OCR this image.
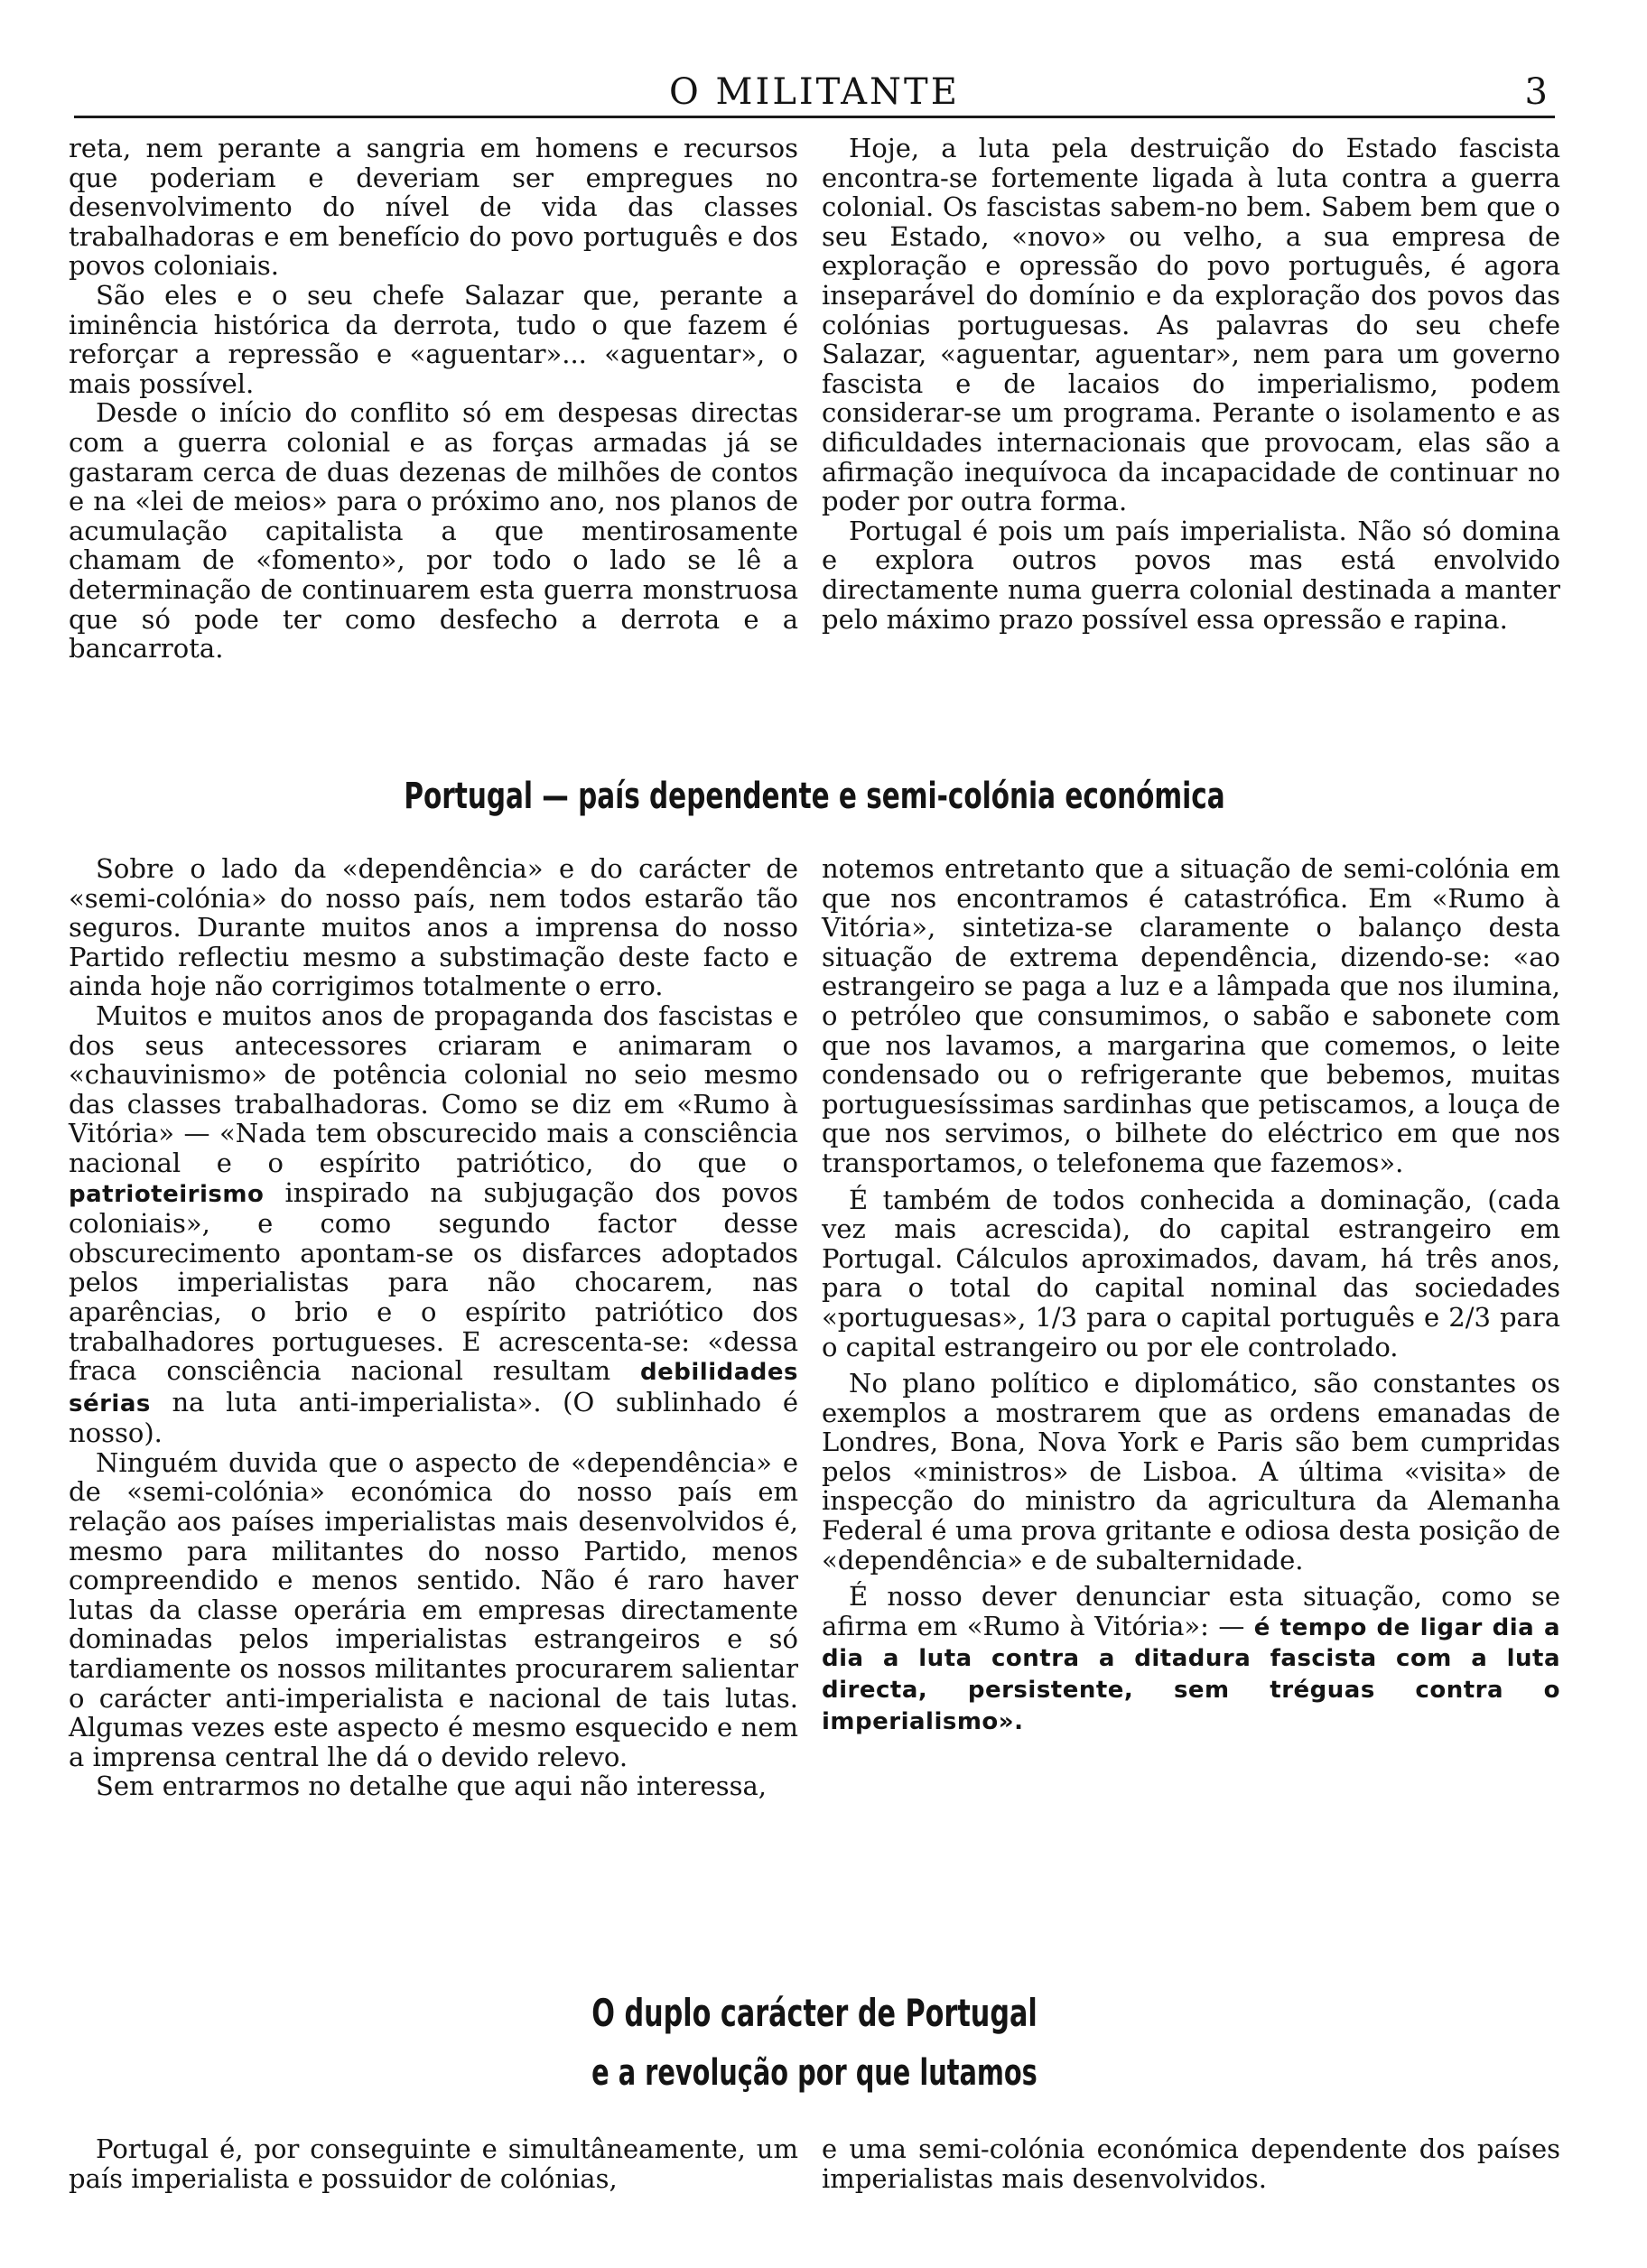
O MILITANTE	3

reta, nem perante a sangria em homens e recursos que poderiam e deveriam ser empregues no desenvolvimento do nível de vida das classes trabalhadoras e em benefício do povo português e dos povos coloniais.

São eles e o seu chefe Salazar que, perante a iminência histórica da derrota, tudo o que fazem é reforçar a repressão e «aguentar»... «aguentar», o mais possível.

Desde o início do conflito só em despesas directas com a guerra colonial e as forças armadas já se gastaram cerca de duas dezenas de milhões de contos e na «lei de meios» para o próximo ano, nos planos de acumulação capitalista a que mentirosamente chamam de «fomento», por todo o lado se lê a determinação de continuarem esta guerra monstruosa que só pode ter como desfecho a derrota e a bancarrota.

Hoje, a luta pela destruição do Estado fascista encontra-se fortemente ligada à luta contra a guerra colonial. Os fascistas sabem-no bem. Sabem bem que o seu Estado, «novo» ou velho, a sua empresa de exploração e opressão do povo português, é agora inseparável do domínio e da exploração dos povos das colónias portuguesas. As palavras do seu chefe Salazar, «aguentar, aguentar», nem para um governo fascista e de lacaios do imperialismo, podem considerar-se um programa. Perante o isolamento e as dificuldades internacionais que provocam, elas são a afirmação inequívoca da incapacidade de continuar no poder por outra forma.

Portugal é pois um país imperialista. Não só domina e explora outros povos mas está envolvido directamente numa guerra colonial destinada a manter pelo máximo prazo possível essa opressão e rapina.

Portugal — país dependente e semi-colónia económica

Sobre o lado da «dependência» e do carácter de «semi-colónia» do nosso país, nem todos estarão tão seguros. Durante muitos anos a imprensa do nosso Partido reflectiu mesmo a substimação deste facto e ainda hoje não corrigimos totalmente o erro.

Muitos e muitos anos de propaganda dos fascistas e dos seus antecessores criaram e animaram o «chauvinismo» de potência colonial no seio mesmo das classes trabalhadoras. Como se diz em «Rumo à Vitória» — «Nada tem obscurecido mais a consciência nacional e o espírito patriótico, do que o patrioteirismo inspirado na subjugação dos povos coloniais», e como segundo factor desse obscurecimento apontam-se os disfarces adoptados pelos imperialistas para não chocarem, nas aparências, o brio e o espírito patriótico dos trabalhadores portugueses. E acrescenta-se: «dessa fraca consciência nacional resultam debilidades sérias na luta anti-imperialista». (O sublinhado é nosso).

Ninguém duvida que o aspecto de «dependência» e de «semi-colónia» económica do nosso país em relação aos países imperialistas mais desenvolvidos é, mesmo para militantes do nosso Partido, menos compreendido e menos sentido. Não é raro haver lutas da classe operária em empresas directamente dominadas pelos imperialistas estrangeiros e só tardiamente os nossos militantes procurarem salientar o carácter anti-imperialista e nacional de tais lutas. Algumas vezes este aspecto é mesmo esquecido e nem a imprensa central lhe dá o devido relevo.

Sem entrarmos no detalhe que aqui não interessa,

notemos entretanto que a situação de semi-colónia em que nos encontramos é catastrófica. Em «Rumo à Vitória», sintetiza-se claramente o balanço desta situação de extrema dependência, dizendo-se: «ao estrangeiro se paga a luz e a lâmpada que nos ilumina, o petróleo que consumimos, o sabão e sabonete com que nos lavamos, a margarina que comemos, o leite condensado ou o refrigerante que bebemos, muitas portuguesíssimas sardinhas que petiscamos, a louça de que nos servimos, o bilhete do eléctrico em que nos transportamos, o telefonema que fazemos».

É também de todos conhecida a dominação, (cada vez mais acrescida), do capital estrangeiro em Portugal. Cálculos aproximados, davam, há três anos, para o total do capital nominal das sociedades «portuguesas», 1/3 para o capital português e 2/3 para o capital estrangeiro ou por ele controlado.

No plano político e diplomático, são constantes os exemplos a mostrarem que as ordens emanadas de Londres, Bona, Nova York e Paris são bem cumpridas pelos «ministros» de Lisboa. A última «visita» de inspecção do ministro da agricultura da Alemanha Federal é uma prova gritante e odiosa desta posição de «dependência» e de subalternidade.

É nosso dever denunciar esta situação, como se afirma em «Rumo à Vitória»: — é tempo de ligar dia a dia a luta contra a ditadura fascista com a luta directa, persistente, sem tréguas contra o imperialismo».

O duplo carácter de Portugal
e a revolução por que lutamos

Portugal é, por conseguinte e simultâneamente, um país imperialista e possuidor de colónias,

e uma semi-colónia económica dependente dos países imperialistas mais desenvolvidos.
